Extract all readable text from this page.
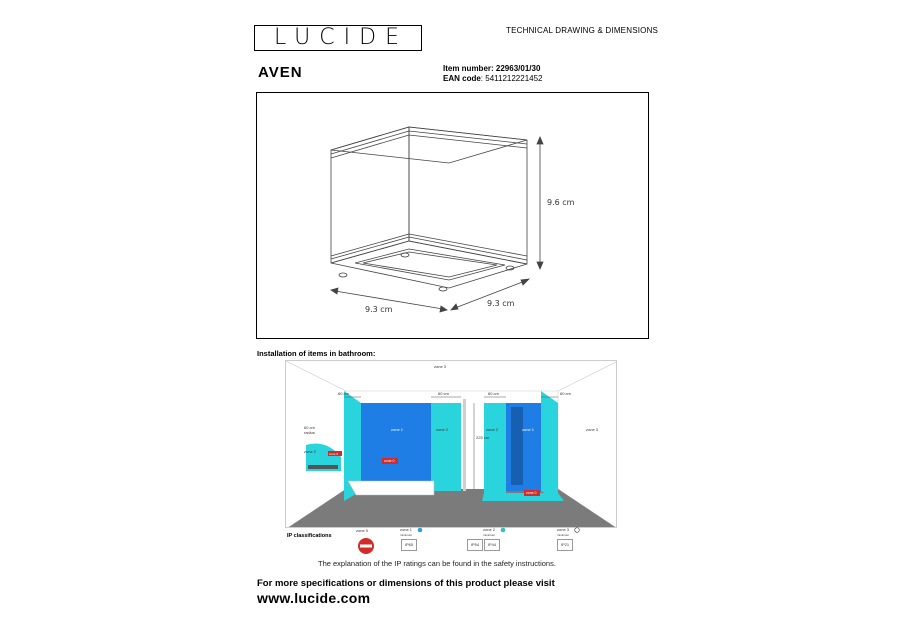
LUCIDE	TECHNICAL DRAWING & DIMENSIONS
AVEN	Item number: 22963/01/30
EAN code: 5411212221452
9.6 cm
9.3 cm
9.3 cm
Installation of items in bathroom:
zone 3
zone 3
zone 2
zone 2	zone 2
zone 1	zone 1
zone 0
zone 0
zone 0
60 cm	60 cm	60 cm	60 cm
60 cm radius
225 cm
IP classifications
zone 0	zone 1
minimum
IP65
zone 2
minimum
IP54	IP44
zone 3
minimum
IP21
The explanation of the IP ratings can be found in the safety instructions.
For more specifications or dimensions of this product please visit
www.lucide.com
